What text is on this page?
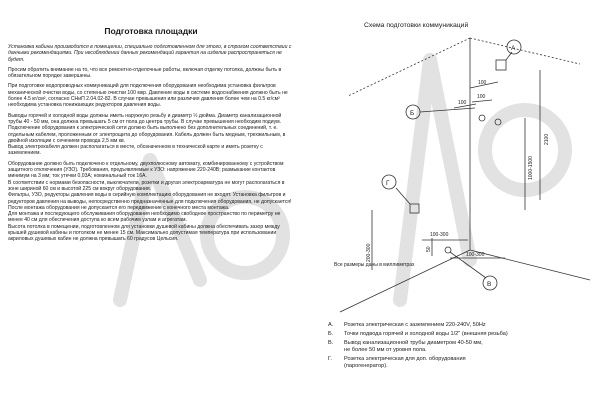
Подготовка площадки

Установка кабины производится в помещении, специально подготовленном для этого, в строгом соответствии с данными рекомендациями. При несоблюдении данных рекомендаций гарантия на изделие распространяться не будет.

Просим обратить внимание на то, что все ремонтно-отделочные работы, включая отделку потолка, должны быть в обязательном порядке завершены.

При подготовке водопроводных коммуникаций для подключения оборудования необходима установка фильтров механической очистки воды, со степенью очистки 100 мкр. Давление воды в системе водоснабжения должно быть не более 4.5 кг/см², согласно СНиП 2.04.02-82. В случае превышения или различия давления более чем на 0.5 кг/см² необходима установка понижающих редукторов давления воды.

Выводы горячей и холодной воды должны иметь наружную резьбу и диаметр ½ дюйма. Диаметр канализационной трубы 40 - 50 мм, она должна превышать 5 см от пола до центра трубы. В случае превышения необходим подиум.

Подключение оборудования к электрической сети должно быть выполнено без дополнительных соединений, т. е. отдельным кабелем, проложенным от электрощита до оборудования. Кабель должен быть медным, трехжильным, в двойной изоляции с сечением провода 2,5 мм кв.

Вывод электрокабеля должен располагаться в месте, обозначенном в технической карте и иметь розетку с заземлением.

Оборудование должно быть подключено к отдельному, двухполюсному автомату, комбинированному с устройством защитного отключения (УЗО). Требования, предъявляемые к УЗО: напряжение 220-240В; размыкание контактов минимум на 3 мм; ток утечки 0,03А; номинальный ток 16А.

В соответствии с нормами безопасности, выключатели, розетки и другая электроарматура не могут располагаться в зоне шириной 60 см и высотой 225 см вокруг оборудования.

Фильтры, УЗО, редукторы давления воды в серийную комплектацию оборудования не входят. Установка фильтров и редукторов давления на выводы, непосредственно предназначенные для подключения оборудования, не допускается!

После монтажа оборудования не допускается его передвижение с конечного места монтажа.

Для монтажа и последующего обслуживания оборудования необходимо свободное пространство по периметру не менее 40 см для обеспечения доступа ко всем рабочим узлам и агрегатам.

Высота потолка в помещении, подготовленном для установки душевой кабины должна обеспечивать зазор между крышей душевой кабины и потолком не менее 15 см. Максимально допустимая температура при использовании акриловых душевых кабин не должна превышать 60 градусов Цельсия.

Схема подготовки коммуникаций
А
Б
В
Г
100
100
100
2100
1000-1500
200-300
100-300
100-300
50
Все размеры даны в миллиметрах
А.	Розетка электрическая с заземлением 220-240V, 50Hz
Б.	Точки подвода горячей и холодной воды 1/2" (внешняя резьба)
В.	Вывод канализационной трубы диаметром 40-50 мм,
не более 50 мм от уровня пола.
Г.	Розетка электрическая для доп. оборудования
(парогенератор).
